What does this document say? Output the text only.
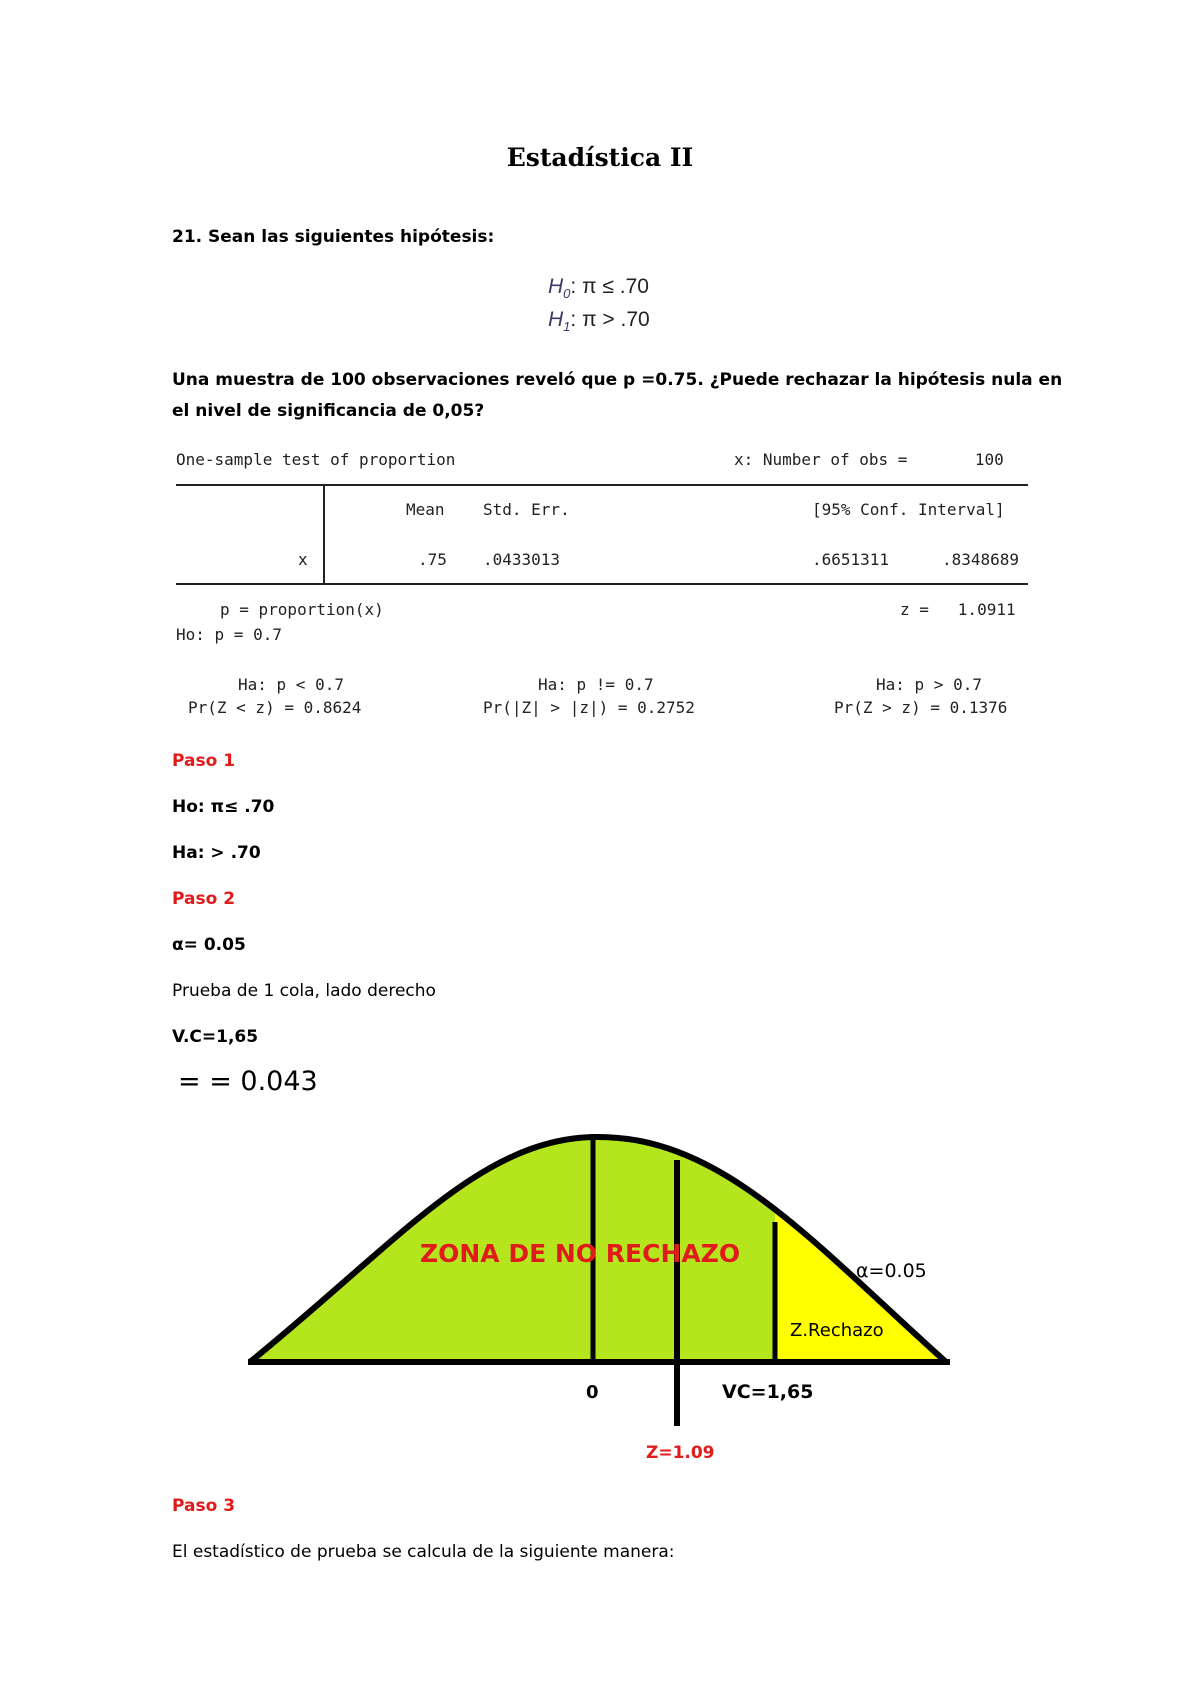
Estadística II
21. Sean las siguientes hipótesis:
$H_0$: π ≤ .70
$H_1$: π > .70
Una muestra de 100 observaciones reveló que p =0.75. ¿Puede rechazar la hipótesis nula en
el nivel de significancia de 0,05?
One-sample test of proportion	x: Number of obs =       100
Mean Std. Err.	[95% Conf. Interval]
x	.75 .0433013	.6651311	.8348689
p = proportion(x)	z =   1.0911
Ho: p = 0.7
Ha: p < 0.7	Ha: p != 0.7	Ha: p > 0.7
Pr(Z < z) = 0.8624	Pr(|Z| > |z|) = 0.2752	Pr(Z > z) = 0.1376
Paso 1
Ho: π≤ .70
Ha: > .70
Paso 2
α= 0.05
Prueba de 1 cola, lado derecho
V.C=1,65
= = 0.043
ZONA DE NO RECHAZO
α=0.05
Z.Rechazo
0	VC=1,65
Z=1.09
Paso 3
El estadístico de prueba se calcula de la siguiente manera:
